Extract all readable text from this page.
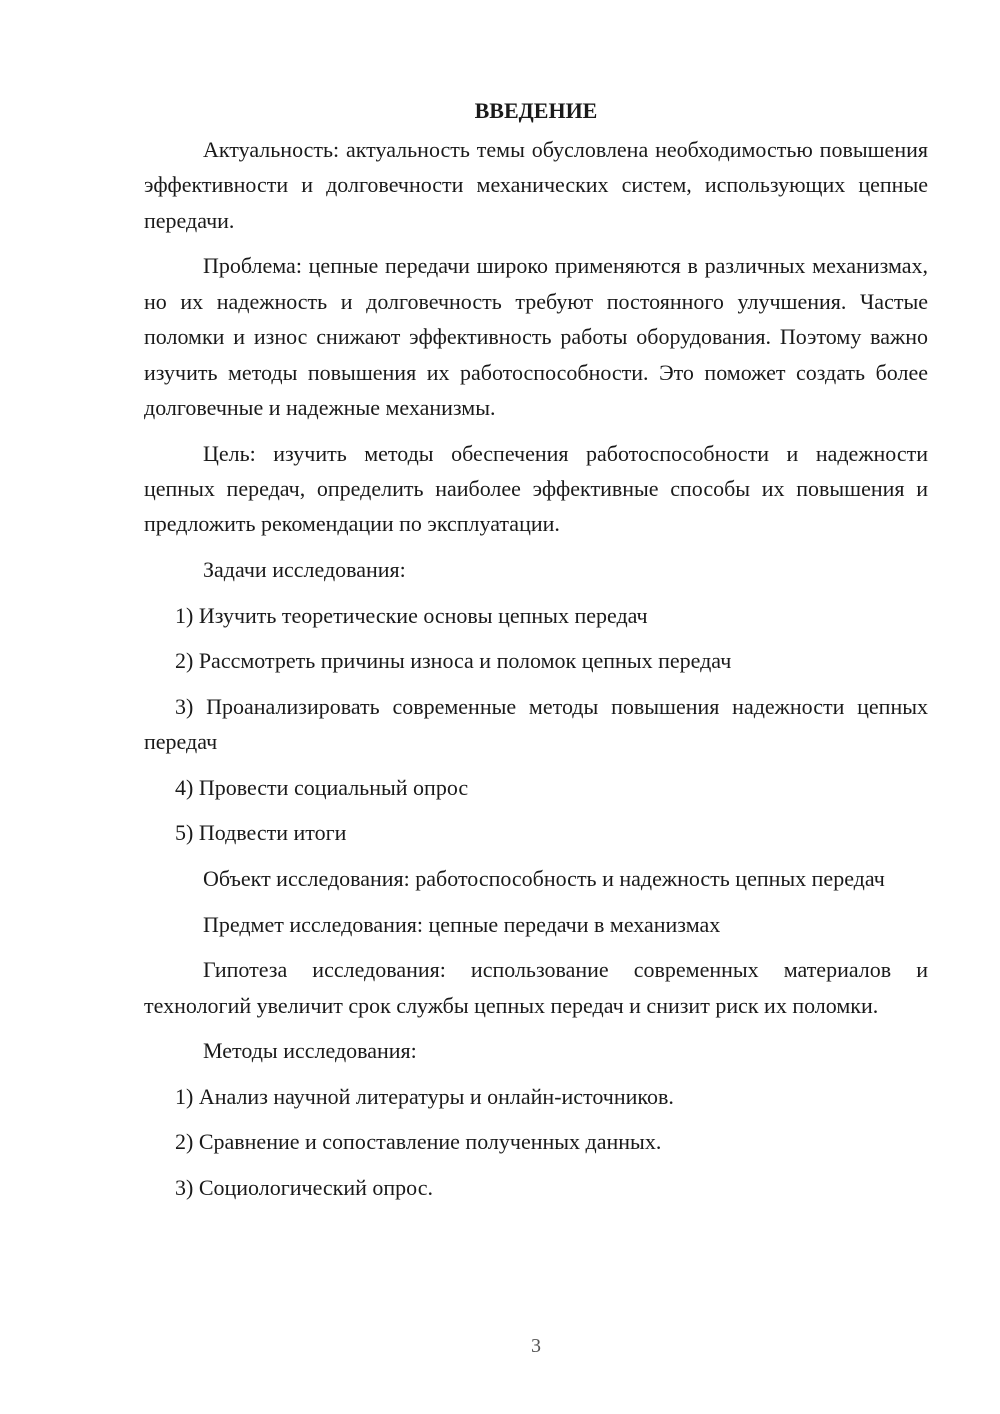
ВВЕДЕНИЕ

Актуальность: актуальность темы обусловлена необходимостью повышения эффективности и долговечности механических систем, использующих цепные передачи.

Проблема: цепные передачи широко применяются в различных механизмах, но их надежность и долговечность требуют постоянного улучшения. Частые поломки и износ снижают эффективность работы оборудования. Поэтому важно изучить методы повышения их работоспособности. Это поможет создать более долговечные и надежные механизмы.

Цель: изучить методы обеспечения работоспособности и надежности цепных передач, определить наиболее эффективные способы их повышения и предложить рекомендации по эксплуатации.

Задачи исследования:

1) Изучить теоретические основы цепных передач

2) Рассмотреть причины износа и поломок цепных передач

3) Проанализировать современные методы повышения надежности цепных передач

4) Провести социальный опрос

5) Подвести итоги

Объект исследования: работоспособность и надежность цепных передач

Предмет исследования: цепные передачи в механизмах

Гипотеза исследования: использование современных материалов и технологий увеличит срок службы цепных передач и снизит риск их поломки.

Методы исследования:

1) Анализ научной литературы и онлайн-источников.

2) Сравнение и сопоставление полученных данных.

3) Социологический опрос.

3
